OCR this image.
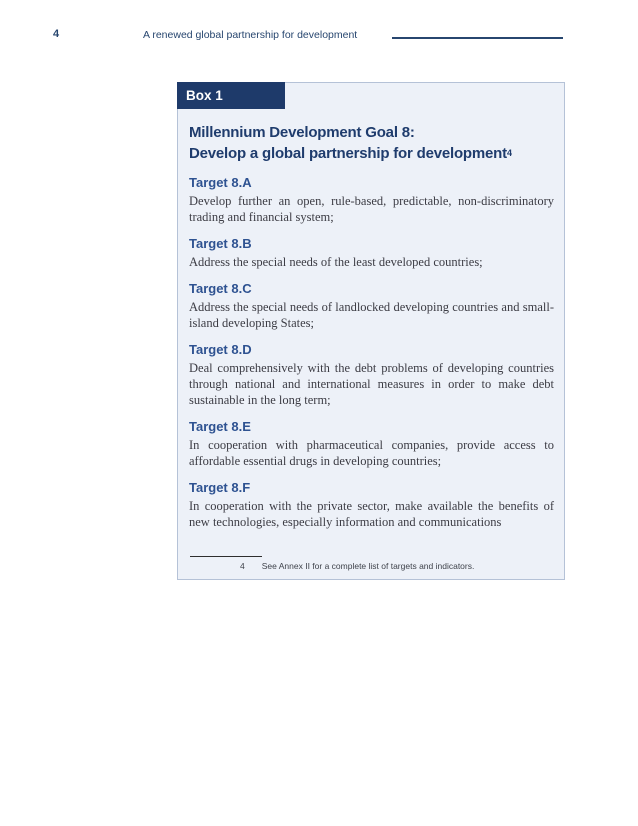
4	A renewed global partnership for development
Box 1
Millennium Development Goal 8:
Develop a global partnership for development$^4$
Target 8.A

Develop further an open, rule-based, predictable, non-discriminatory trading and financial system;

Target 8.B

Address the special needs of the least developed countries;

Target 8.C

Address the special needs of landlocked developing countries and small-island developing States;

Target 8.D

Deal comprehensively with the debt problems of developing countries through national and international measures in order to make debt sustainable in the long term;

Target 8.E

In cooperation with pharmaceutical companies, provide access to affordable essential drugs in developing countries;

Target 8.F

In cooperation with the private sector, make available the benefits of new technologies, especially information and communications

4 See Annex II for a complete list of targets and indicators.
